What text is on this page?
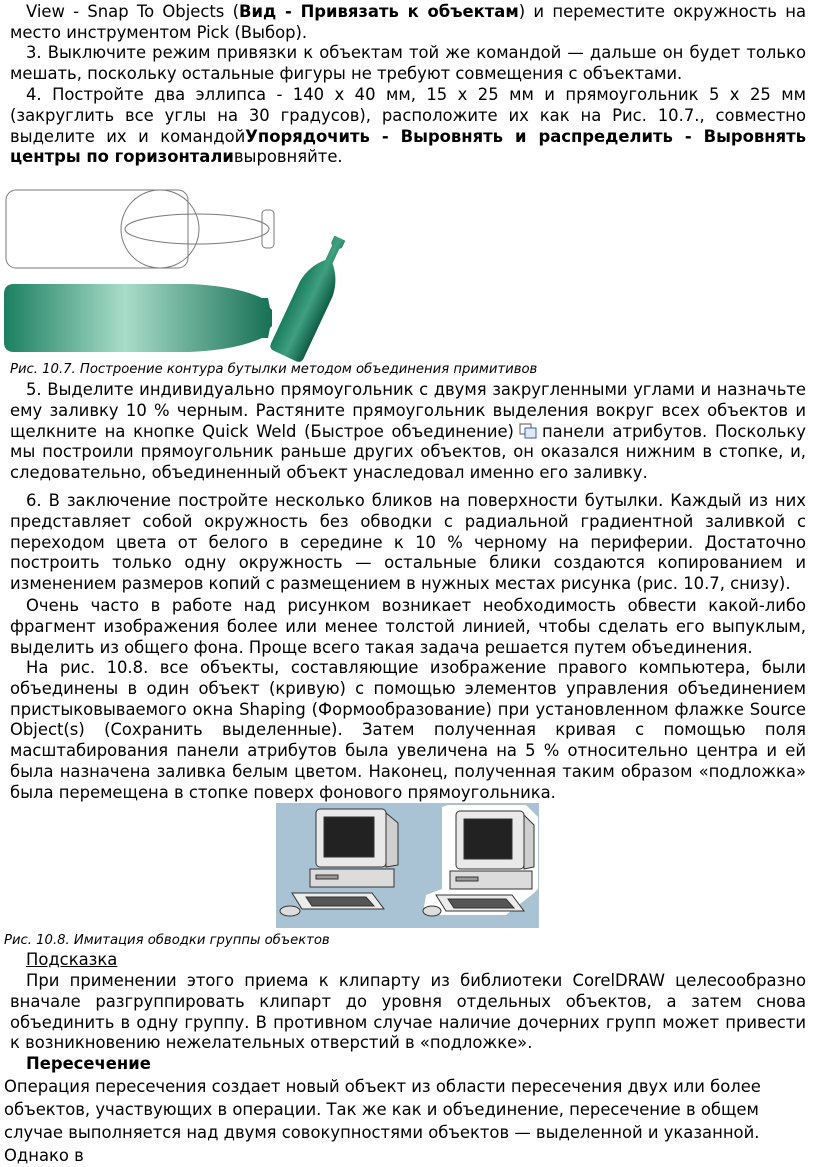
View - Snap To Objects (Вид - Привязать к объектам) и переместите окружность на место инструментом Pick (Выбор).

3. Выключите режим привязки к объектам той же командой — дальше он будет только мешать, поскольку остальные фигуры не требуют совмещения с объектами.

4. Постройте два эллипса - 140 x 40 мм, 15 x 25 мм и прямоугольник 5 x 25 мм (закруглить все углы на 30 градусов), расположите их как на Рис. 10.7., совместно выделите их и командойУпорядочить - Выровнять и распределить - Выровнять центры по горизонталивыровняйте.

Рис. 10.7. Построение контура бутылки методом объединения примитивов

5. Выделите индивидуально прямоугольник с двумя закругленными углами и назначьте ему заливку 10 % черным. Растяните прямоугольник выделения вокруг всех объектов и щелкните на кнопке Quick Weld (Быстрое объединение) панели атрибутов. Поскольку мы построили прямоугольник раньше других объектов, он оказался нижним в стопке, и, следовательно, объединенный объект унаследовал именно его заливку.

6. В заключение постройте несколько бликов на поверхности бутылки. Каждый из них представляет собой окружность без обводки с радиальной градиентной заливкой с переходом цвета от белого в середине к 10 % черному на периферии. Достаточно построить только одну окружность — остальные блики создаются копированием и изменением размеров копий с размещением в нужных местах рисунка (рис. 10.7, снизу).

Очень часто в работе над рисунком возникает необходимость обвести какой-либо фрагмент изображения более или менее толстой линией, чтобы сделать его выпуклым, выделить из общего фона. Проще всего такая задача решается путем объединения.

На рис. 10.8. все объекты, составляющие изображение правого компьютера, были объединены в один объект (кривую) с помощью элементов управления объединением пристыковываемого окна Shaping (Формообразование) при установленном флажке Source Object(s) (Сохранить выделенные). Затем полученная кривая с помощью поля масштабирования панели атрибутов была увеличена на 5 % относительно центра и ей была назначена заливка белым цветом. Наконец, полученная таким образом «подложка» была перемещена в стопке поверх фонового прямоугольника.

Рис. 10.8. Имитация обводки группы объектов
Подсказка

При применении этого приема к клипарту из библиотеки CorelDRAW целесообразно вначале разгруппировать клипарт до уровня отдельных объектов, а затем снова объединить в одну группу. В противном случае наличие дочерних групп может привести к возникновению нежелательных отверстий в «подложке».

Пересечение

Операция пересечения создает новый объект из области пересечения двух или более объектов, участвующих в операции. Так же как и объединение, пересечение в общем случае выполняется над двумя совокупностями объектов — выделенной и указанной. Однако в
